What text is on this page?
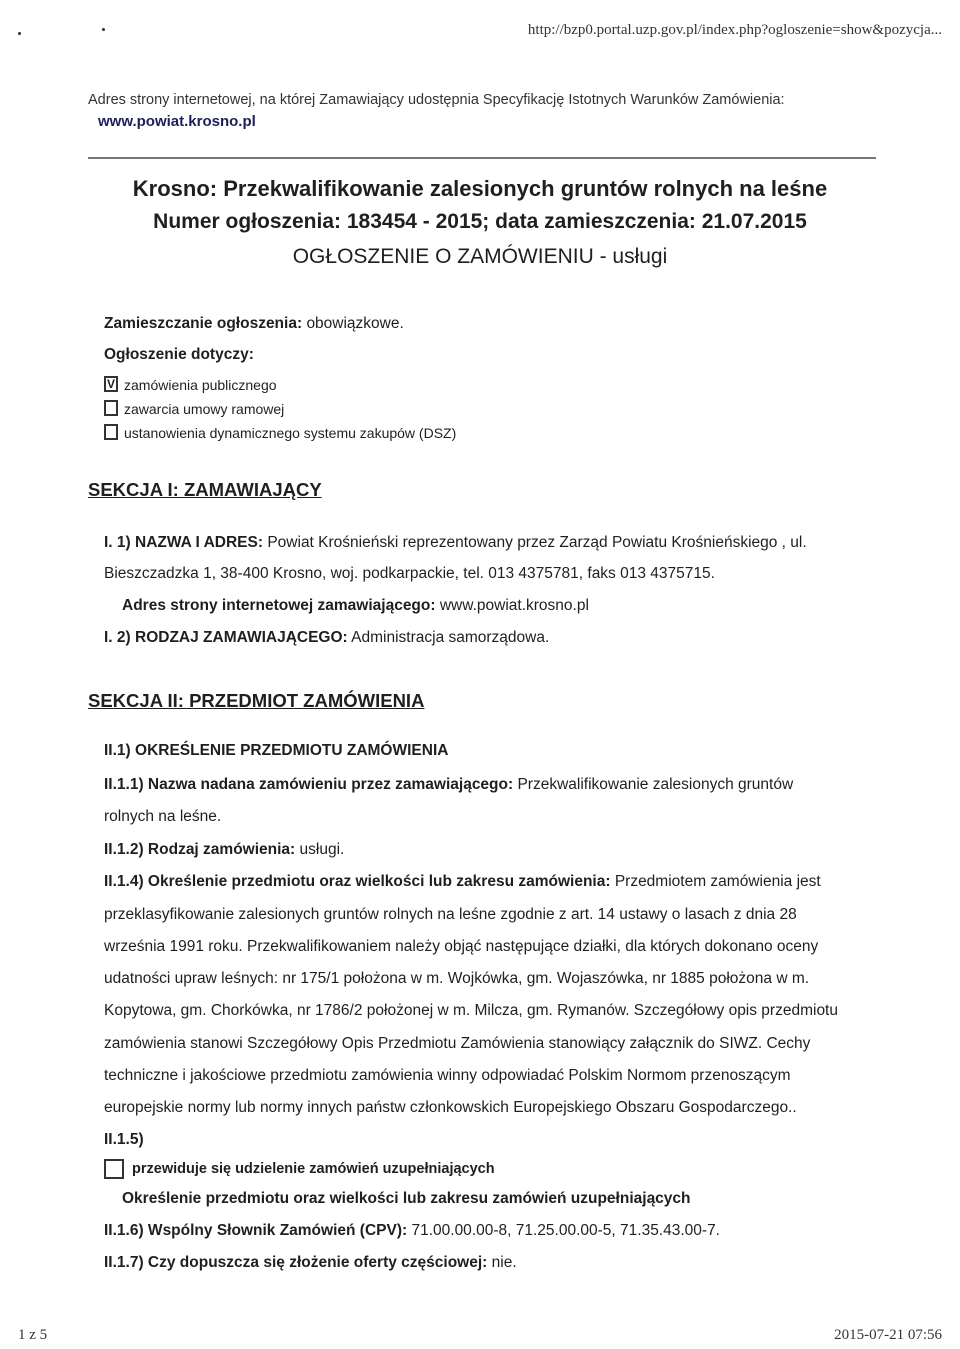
http://bzp0.portal.uzp.gov.pl/index.php?ogloszenie=show&pozycja...
Adres strony internetowej, na której Zamawiający udostępnia Specyfikację Istotnych Warunków Zamówienia:
www.powiat.krosno.pl
Krosno: Przekwalifikowanie zalesionych gruntów rolnych na leśne
Numer ogłoszenia: 183454 - 2015; data zamieszczenia: 21.07.2015
OGŁOSZENIE O ZAMÓWIENIU - usługi
Zamieszczanie ogłoszenia: obowiązkowe.
Ogłoszenie dotyczy:
V zamówienia publicznego
zawarcia umowy ramowej
ustanowienia dynamicznego systemu zakupów (DSZ)
SEKCJA I: ZAMAWIAJĄCY
I. 1) NAZWA I ADRES: Powiat Krośnieński reprezentowany przez Zarząd Powiatu Krośnieńskiego , ul.
Bieszczadzka 1, 38-400 Krosno, woj. podkarpackie, tel. 013 4375781, faks 013 4375715.
Adres strony internetowej zamawiającego: www.powiat.krosno.pl
I. 2) RODZAJ ZAMAWIAJĄCEGO: Administracja samorządowa.
SEKCJA II: PRZEDMIOT ZAMÓWIENIA
II.1) OKREŚLENIE PRZEDMIOTU ZAMÓWIENIA
II.1.1) Nazwa nadana zamówieniu przez zamawiającego: Przekwalifikowanie zalesionych gruntów
rolnych na leśne.
II.1.2) Rodzaj zamówienia: usługi.
II.1.4) Określenie przedmiotu oraz wielkości lub zakresu zamówienia: Przedmiotem zamówienia jest
przeklasyfikowanie zalesionych gruntów rolnych na leśne zgodnie z art. 14 ustawy o lasach z dnia 28
września 1991 roku. Przekwalifikowaniem należy objąć następujące działki, dla których dokonano oceny
udatności upraw leśnych: nr 175/1 położona w m. Wojkówka, gm. Wojaszówka, nr 1885 położona w m.
Kopytowa, gm. Chorkówka, nr 1786/2 położonej w m. Milcza, gm. Rymanów. Szczegółowy opis przedmiotu
zamówienia stanowi Szczegółowy Opis Przedmiotu Zamówienia stanowiący załącznik do SIWZ. Cechy
techniczne i jakościowe przedmiotu zamówienia winny odpowiadać Polskim Normom przenoszącym
europejskie normy lub normy innych państw członkowskich Europejskiego Obszaru Gospodarczego..
II.1.5)
przewiduje się udzielenie zamówień uzupełniających
Określenie przedmiotu oraz wielkości lub zakresu zamówień uzupełniających
II.1.6) Wspólny Słownik Zamówień (CPV): 71.00.00.00-8, 71.25.00.00-5, 71.35.43.00-7.
II.1.7) Czy dopuszcza się złożenie oferty częściowej: nie.
1 z 5	2015-07-21 07:56
